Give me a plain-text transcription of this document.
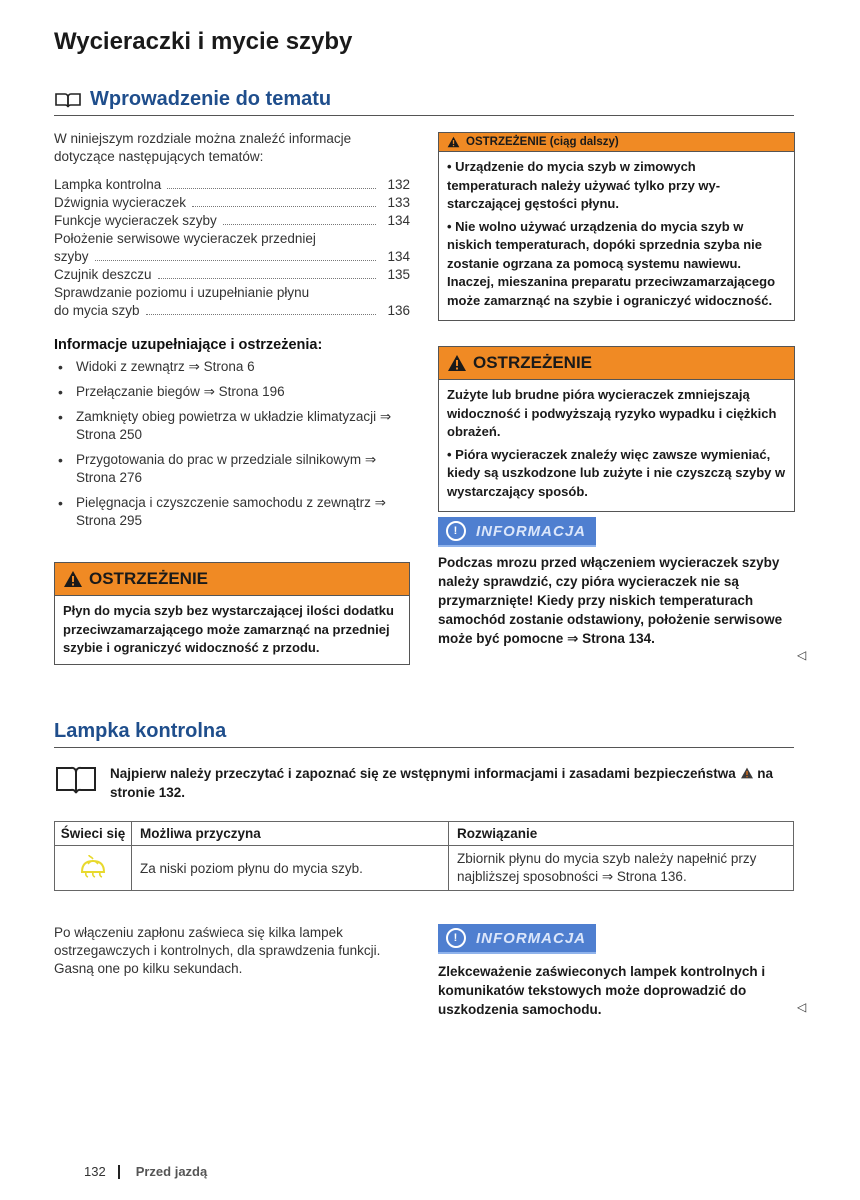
Wycieraczki i mycie szyby
Wprowadzenie do tematu

W niniejszym rozdziale można znaleźć informacje dotyczące następujących tematów:

Lampka kontrolna	132
Dźwignia wycieraczek	133
Funkcje wycieraczek szyby	134
Położenie serwisowe wycieraczek przedniej
szyby	134
Czujnik deszczu	135
Sprawdzanie poziomu i uzupełnianie płynu
do mycia szyb	136
Informacje uzupełniające i ostrzeżenia:
• Widoki z zewnątrz ⇒ Strona 6
• Przełączanie biegów ⇒ Strona 196
• Zamknięty obieg powietrza w układzie klimatyzacji ⇒ Strona 250
• Przygotowania do prac w przedziale silnikowym ⇒ Strona 276
• Pielęgnacja i czyszczenie samochodu z zewnątrz ⇒ Strona 295
OSTRZEŻENIE
Płyn do mycia szyb bez wystarczającej ilości dodatku przeciwzamarzającego może zamarznąć na przedniej szybie i ograniczyć widoczność z przodu.
OSTRZEŻENIE (ciąg dalszy)
• Urządzenie do mycia szyb w zimowych temperaturach należy używać tylko przy wystarczającej gęstości płynu.
• Nie wolno używać urządzenia do mycia szyb w niskich temperaturach, dopóki sprzednia szyba nie zostanie ogrzana za pomocą systemu nawiewu. Inaczej, mieszanina preparatu przeciwzamarzającego może zamarznąć na szybie i ograniczyć widoczność.
OSTRZEŻENIE
Zużyte lub brudne pióra wycieraczek zmniejszają widoczność i podwyższają ryzyko wypadku i ciężkich obrażeń.
• Pióra wycieraczek znaleźy więc zawsze wymieniać, kiedy są uszkodzone lub zużyte i nie czyszczą szyby w wystarczający sposób.
!	INFORMACJA

Podczas mrozu przed włączeniem wycieraczek szyby należy sprawdzić, czy pióra wycieraczek nie są przymarznięte! Kiedy przy niskich temperaturach samochód zostanie odstawiony, położenie serwisowe może być pomocne ⇒ Strona 134.

◁
Lampka kontrolna
Najpierw należy przeczytać i zapoznać się ze wstępnymi informacjami i zasadami bezpieczeństwa na stronie 132.
Świeci się	Możliwa przyczyna	Rozwiązanie
	Za niski poziom płynu do mycia szyb.	Zbiornik płynu do mycia szyb należy napełnić przy najbliższej sposobności ⇒ Strona 136.

Po włączeniu zapłonu zaświeca się kilka lampek ostrzegawczych i kontrolnych, dla sprawdzenia funkcji. Gasną one po kilku sekundach.

!	INFORMACJA

Zlekceważenie zaświeconych lampek kontrolnych i komunikatów tekstowych może doprowadzić do uszkodzenia samochodu.	◁
132 Przed jazdą
